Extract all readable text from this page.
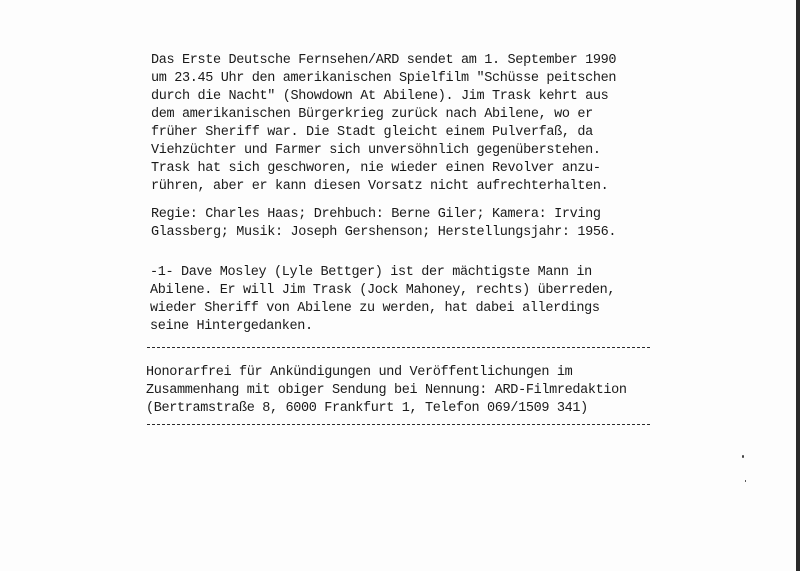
Das Erste Deutsche Fernsehen/ARD sendet am 1. September 1990
um 23.45 Uhr den amerikanischen Spielfilm "Schüsse peitschen
durch die Nacht" (Showdown At Abilene). Jim Trask kehrt aus
dem amerikanischen Bürgerkrieg zurück nach Abilene, wo er
früher Sheriff war. Die Stadt gleicht einem Pulverfaß, da
Viehzüchter und Farmer sich unversöhnlich gegenüberstehen.
Trask hat sich geschworen, nie wieder einen Revolver anzu-
rühren, aber er kann diesen Vorsatz nicht aufrechterhalten.
Regie: Charles Haas; Drehbuch: Berne Giler; Kamera: Irving
Glassberg; Musik: Joseph Gershenson; Herstellungsjahr: 1956.
-1- Dave Mosley (Lyle Bettger) ist der mächtigste Mann in
Abilene. Er will Jim Trask (Jock Mahoney, rechts) überreden,
wieder Sheriff von Abilene zu werden, hat dabei allerdings
seine Hintergedanken.
Honorarfrei für Ankündigungen und Veröffentlichungen im
Zusammenhang mit obiger Sendung bei Nennung: ARD-Filmredaktion
(Bertramstraße 8, 6000 Frankfurt 1, Telefon 069/1509 341)
